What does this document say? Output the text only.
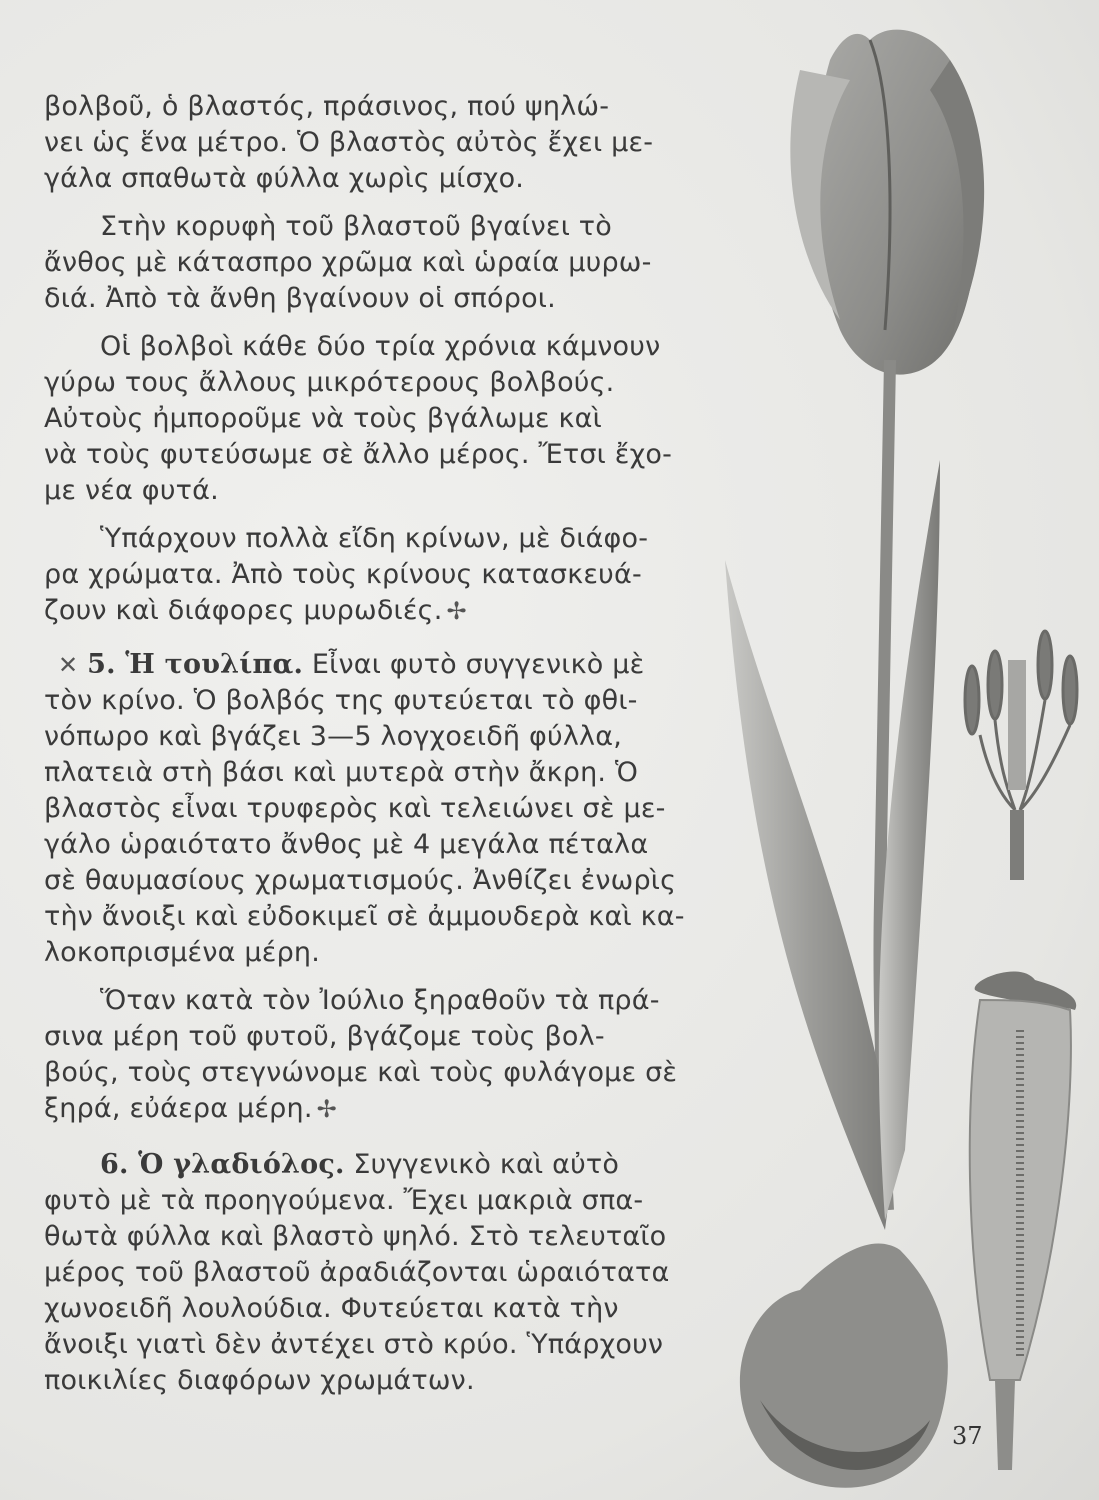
βολβοῦ, ὁ βλαστός, πράσινος, πού ψηλώ-
νει ὡς ἕνα μέτρο. Ὁ βλαστὸς αὐτὸς ἔχει με-
γάλα σπαθωτὰ φύλλα χωρὶς μίσχο.
Στὴν κορυφὴ τοῦ βλαστοῦ βγαίνει τὸ
ἄνθος μὲ κάτασπρο χρῶμα καὶ ὡραία μυρω-
διά. Ἀπὸ τὰ ἄνθη βγαίνουν οἱ σπόροι.
Οἱ βολβοὶ κάθε δύο τρία χρόνια κάμνουν
γύρω τους ἄλλους μικρότερους βολβούς.
Αὐτοὺς ἠμποροῦμε νὰ τοὺς βγάλωμε καὶ
νὰ τοὺς φυτεύσωμε σὲ ἄλλο μέρος. Ἔτσι ἔχο-
με νέα φυτά.
Ὑπάρχουν πολλὰ εἴδη κρίνων, μὲ διάφο-
ρα χρώματα. Ἀπὸ τοὺς κρίνους κατασκευά-
ζουν καὶ διάφορες μυρωδιές. ✢
✕ 5. Ἡ τουλίπα. Εἶναι φυτὸ συγγενικὸ μὲ
τὸν κρίνο. Ὁ βολβός της φυτεύεται τὸ φθι-
νόπωρο καὶ βγάζει 3—5 λογχοειδῆ φύλλα,
πλατειὰ στὴ βάσι καὶ μυτερὰ στὴν ἄκρη. Ὁ
βλαστὸς εἶναι τρυφερὸς καὶ τελειώνει σὲ με-
γάλο ὡραιότατο ἄνθος μὲ 4 μεγάλα πέταλα
σὲ θαυμασίους χρωματισμούς. Ἀνθίζει ἐνωρὶς
τὴν ἄνοιξι καὶ εὐδοκιμεῖ σὲ ἀμμουδερὰ καὶ κα-
λοκοπρισμένα μέρη.
Ὅταν κατὰ τὸν Ἰούλιο ξηραθοῦν τὰ πρά-
σινα μέρη τοῦ φυτοῦ, βγάζομε τοὺς βολ-
βούς, τοὺς στεγνώνομε καὶ τοὺς φυλάγομε σὲ
ξηρά, εὐάερα μέρη. ✢
6. Ὁ γλαδιόλος. Συγγενικὸ καὶ αὐτὸ
φυτὸ μὲ τὰ προηγούμενα. Ἔχει μακριὰ σπα-
θωτὰ φύλλα καὶ βλαστὸ ψηλό. Στὸ τελευταῖο
μέρος τοῦ βλαστοῦ ἀραδιάζονται ὡραιότατα
χωνοειδῆ λουλούδια. Φυτεύεται κατὰ τὴν
ἄνοιξι γιατὶ δὲν ἀντέχει στὸ κρύο. Ὑπάρχουν
ποικιλίες διαφόρων χρωμάτων.
37
